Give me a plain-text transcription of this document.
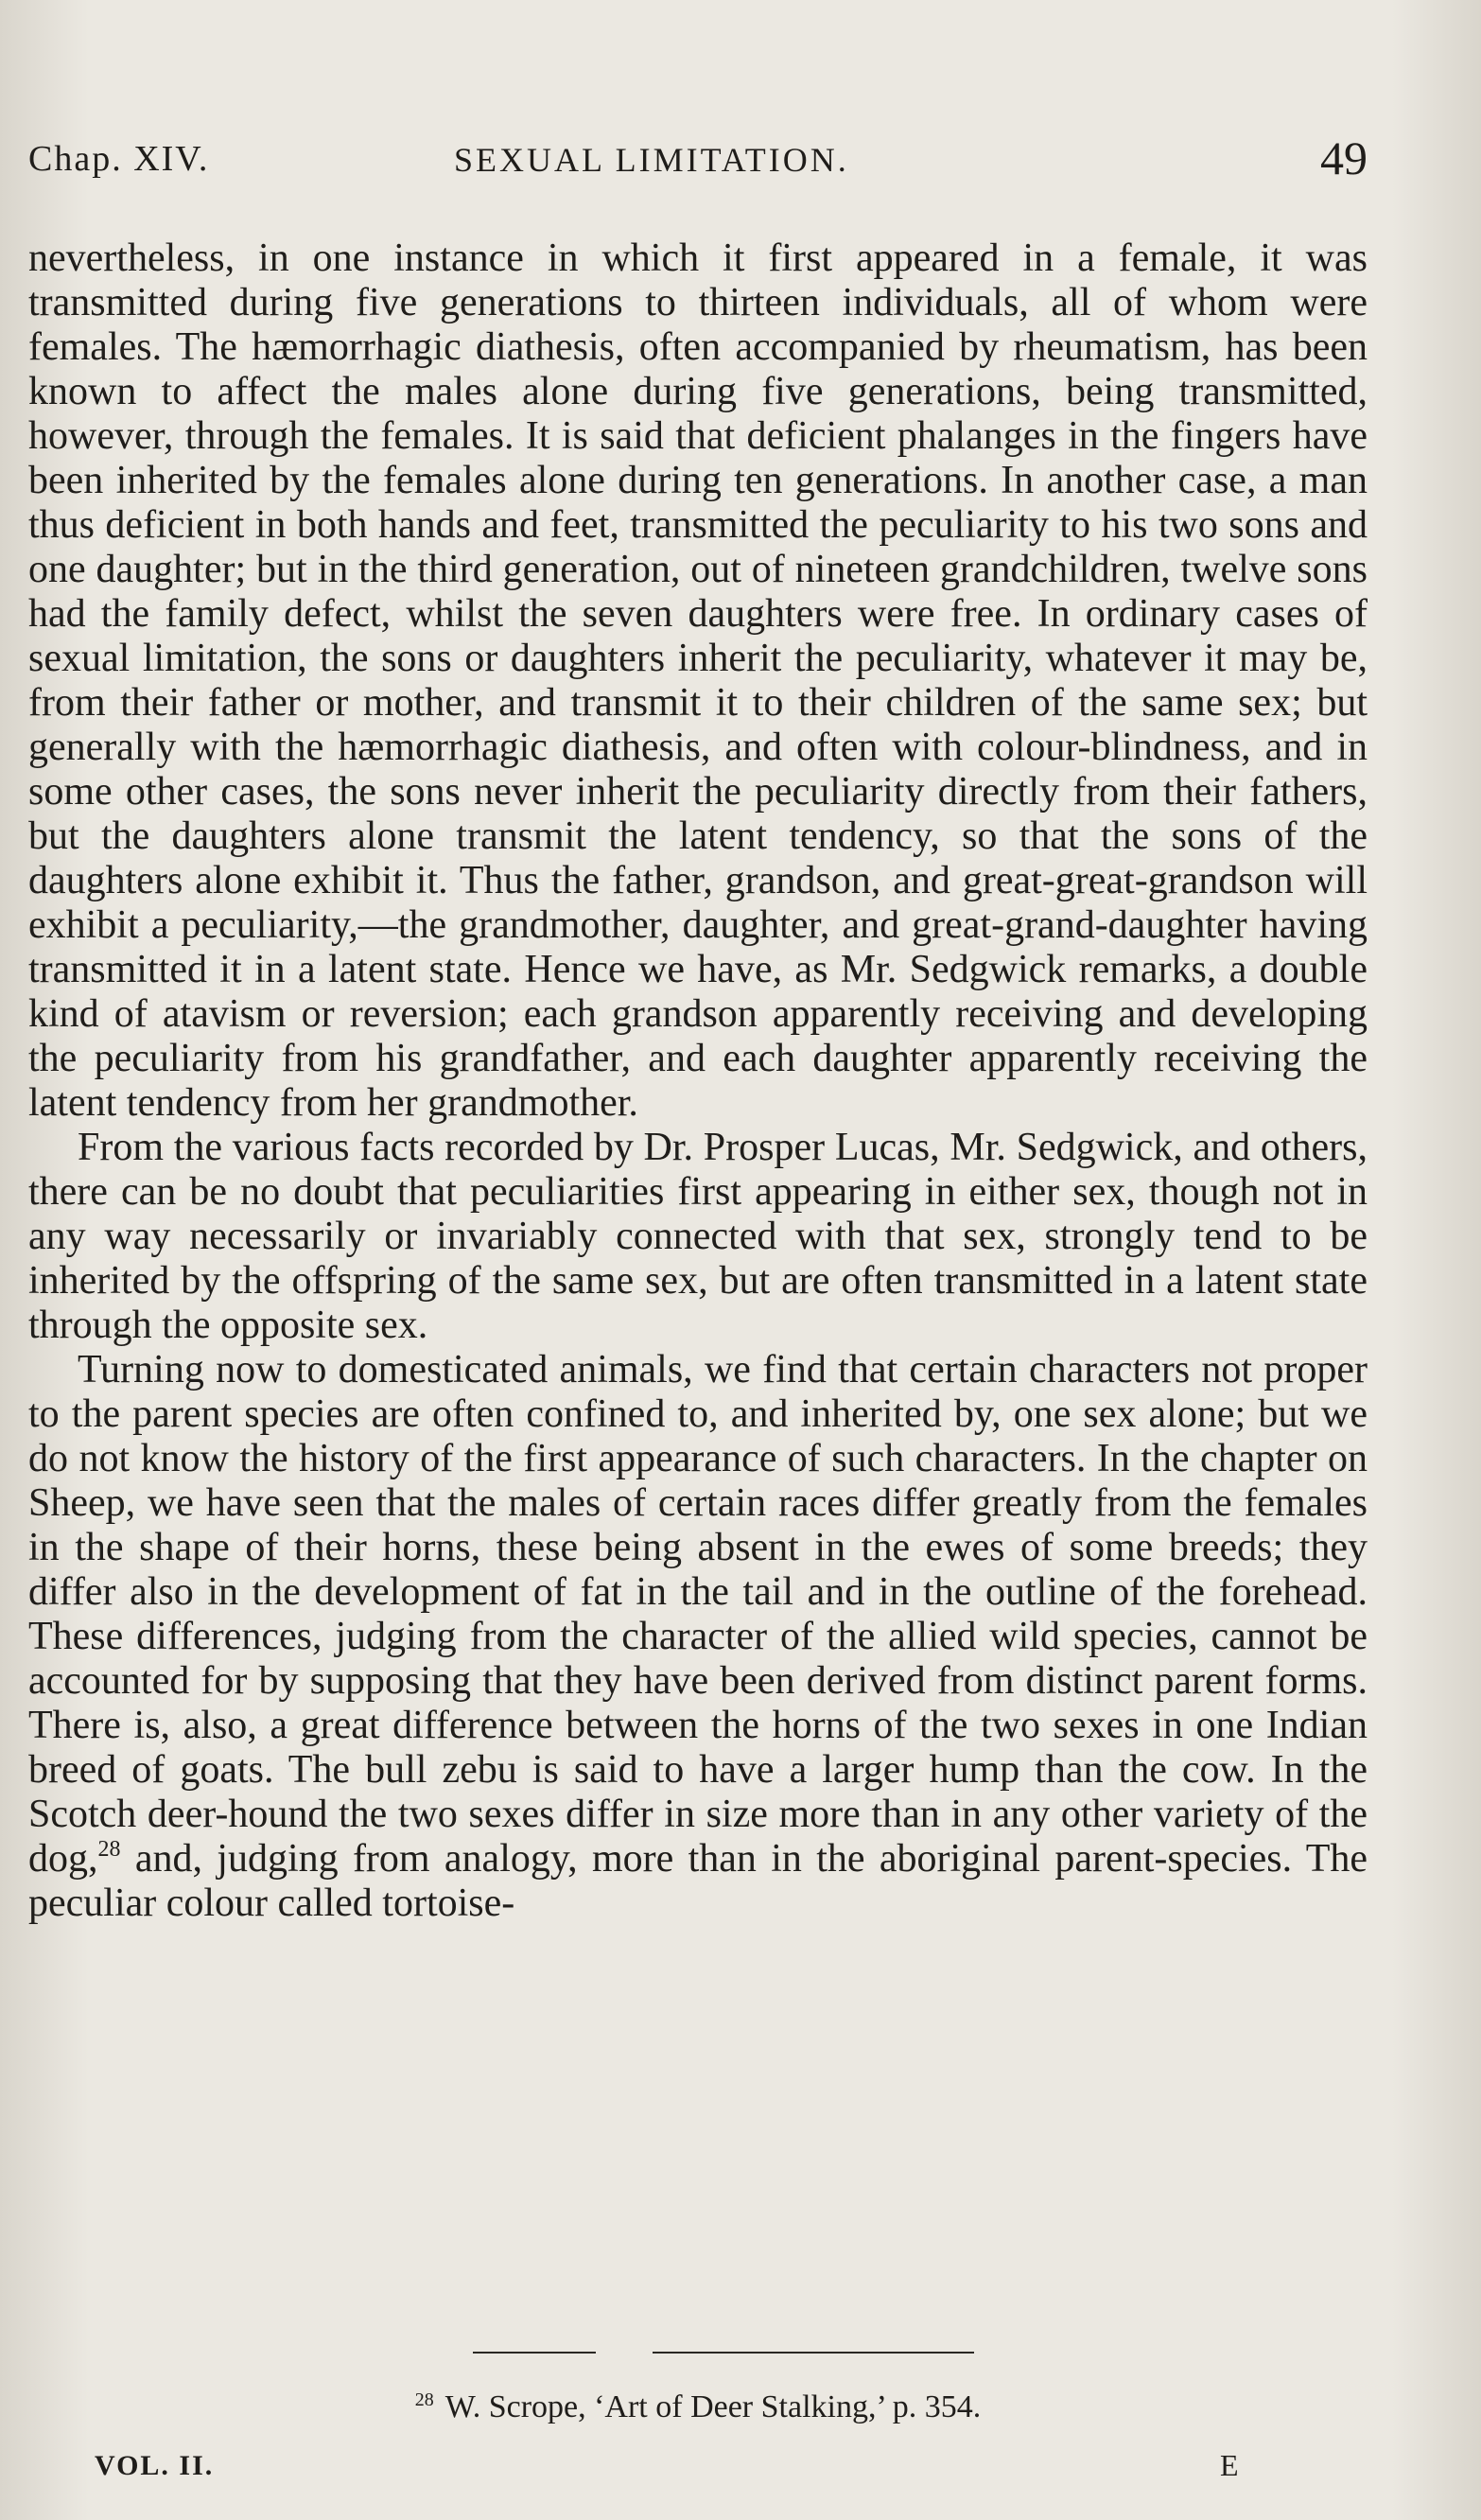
Chap. XIV.	SEXUAL LIMITATION.	49

nevertheless, in one instance in which it first appeared in a female, it was transmitted during five generations to thirteen individuals, all of whom were females. The hæmorrhagic diathesis, often accompanied by rheumatism, has been known to affect the males alone during five generations, being transmitted, however, through the females. It is said that deficient phalanges in the fingers have been inherited by the females alone during ten generations. In another case, a man thus deficient in both hands and feet, transmitted the peculiarity to his two sons and one daughter; but in the third generation, out of nineteen grandchildren, twelve sons had the family defect, whilst the seven daughters were free. In ordinary cases of sexual limitation, the sons or daughters inherit the peculiarity, whatever it may be, from their father or mother, and transmit it to their children of the same sex; but generally with the hæmorrhagic diathesis, and often with colour-blindness, and in some other cases, the sons never inherit the peculiarity directly from their fathers, but the daughters alone transmit the latent tendency, so that the sons of the daughters alone exhibit it. Thus the father, grandson, and great-great-grandson will exhibit a peculiarity,—the grandmother, daughter, and great-grand-daughter having transmitted it in a latent state. Hence we have, as Mr. Sedgwick remarks, a double kind of atavism or reversion; each grandson apparently receiving and developing the peculiarity from his grandfather, and each daughter apparently receiving the latent tendency from her grandmother.

From the various facts recorded by Dr. Prosper Lucas, Mr. Sedgwick, and others, there can be no doubt that peculiarities first appearing in either sex, though not in any way necessarily or invariably connected with that sex, strongly tend to be inherited by the offspring of the same sex, but are often transmitted in a latent state through the opposite sex.

Turning now to domesticated animals, we find that certain characters not proper to the parent species are often confined to, and inherited by, one sex alone; but we do not know the history of the first appearance of such characters. In the chapter on Sheep, we have seen that the males of certain races differ greatly from the females in the shape of their horns, these being absent in the ewes of some breeds; they differ also in the development of fat in the tail and in the outline of the forehead. These differences, judging from the character of the allied wild species, cannot be accounted for by supposing that they have been derived from distinct parent forms. There is, also, a great difference between the horns of the two sexes in one Indian breed of goats. The bull zebu is said to have a larger hump than the cow. In the Scotch deer-hound the two sexes differ in size more than in any other variety of the dog,$^{28}$ and, judging from analogy, more than in the aboriginal parent-species. The peculiar colour called tortoise-

$^{28}$ W. Scrope, ‘Art of Deer Stalking,’ p. 354.
VOL. II.	E
